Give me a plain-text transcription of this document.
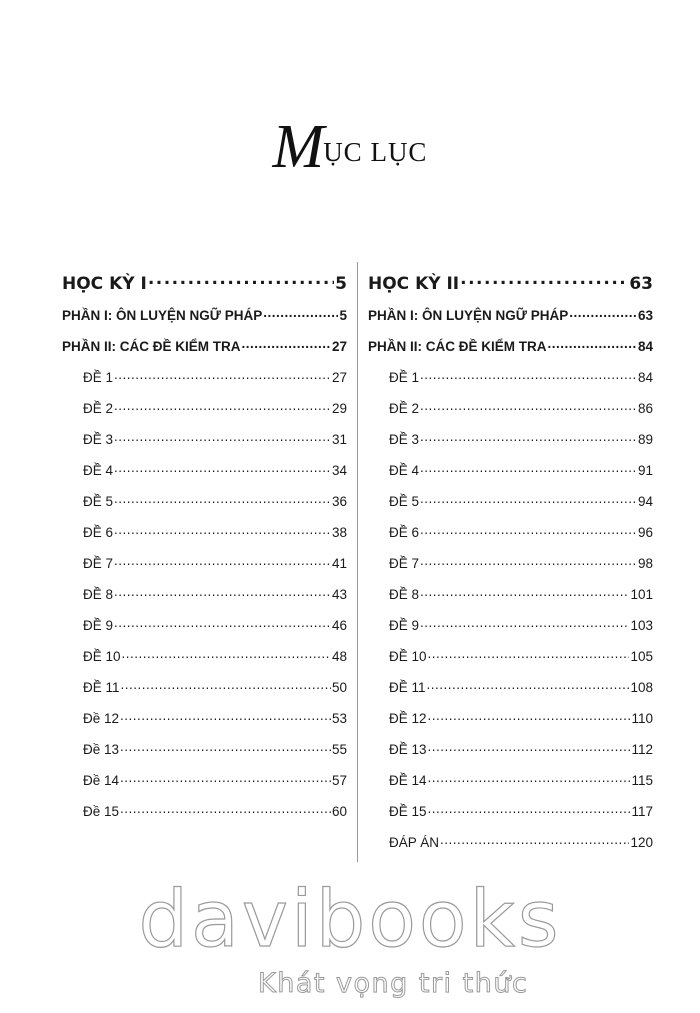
MỤC LỤC
HỌC KỲ I .....	5
PHẦN I: ÔN LUYỆN NGỮ PHÁP .....	5
PHẦN II: CÁC ĐỀ KIỂM TRA .....	27
ĐỀ 1 .....	27
ĐỀ 2 .....	29
ĐỀ 3 .....	31
ĐỀ 4 .....	34
ĐỀ 5 .....	36
ĐỀ 6 .....	38
ĐỀ 7 .....	41
ĐỀ 8 .....	43
ĐỀ 9 .....	46
ĐỀ 10 .....	48
ĐỀ 11 .....	50
Đề 12 .....	53
Đề 13 .....	55
Đề 14 .....	57
Đề 15 .....	60
HỌC KỲ II .....	63
PHẦN I: ÔN LUYỆN NGỮ PHÁP .....	63
PHẦN II: CÁC ĐỀ KIỂM TRA .....	84
ĐỀ 1 .....	84
ĐỀ 2 .....	86
ĐỀ 3 .....	89
ĐỀ 4 .....	91
ĐỀ 5 .....	94
ĐỀ 6 .....	96
ĐỀ 7 .....	98
ĐỀ 8 .....	101
ĐỀ 9 .....	103
ĐỀ 10 .....	105
ĐỀ 11 .....	108
ĐỀ 12 .....	110
ĐỀ 13 .....	112
ĐỀ 14 .....	115
ĐỀ 15 .....	117
ĐÁP ÁN .....	120
davibooks
Khát vọng tri thức
